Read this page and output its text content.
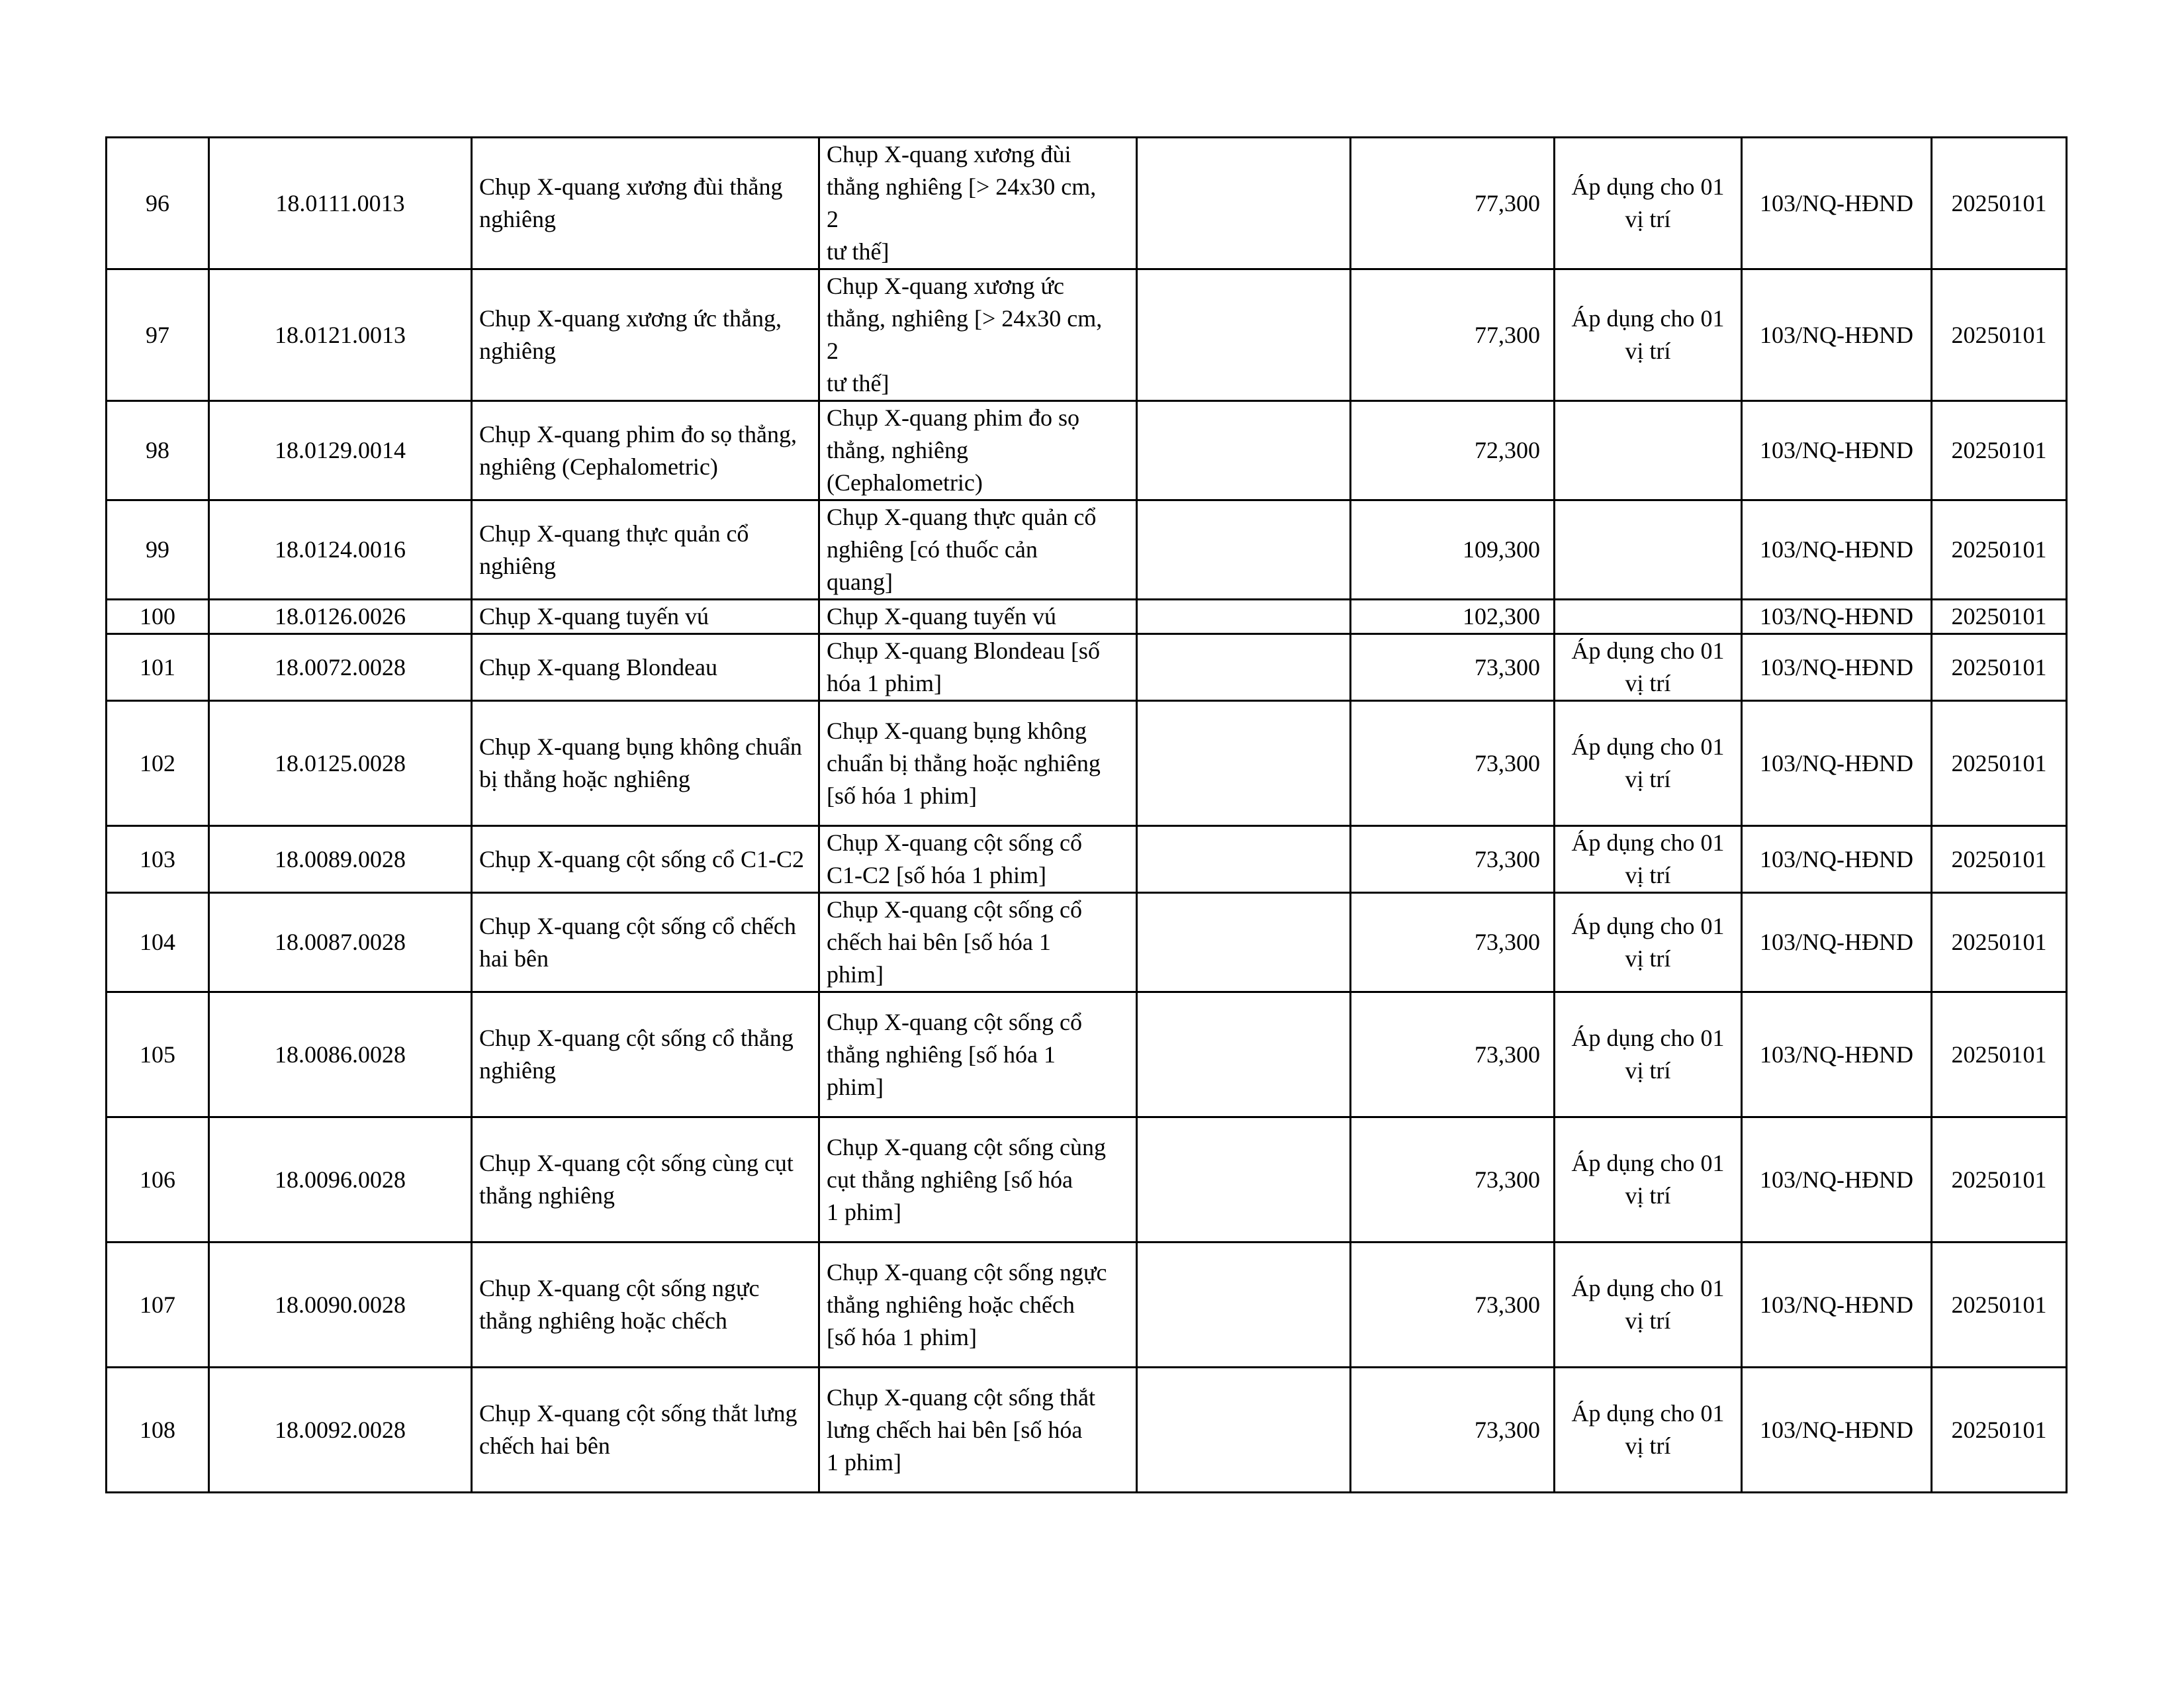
96	18.0111.0013	Chụp X-quang xương đùi thẳng nghiêng	Chụp X-quang xương đùi
thẳng nghiêng [> 24x30 cm,
2
tư thế]		77,300	Áp dụng cho 01 vị trí	103/NQ-HĐND	20250101
97	18.0121.0013	Chụp X-quang xương ức thẳng, nghiêng	Chụp X-quang xương ức
thẳng, nghiêng [> 24x30 cm,
2
tư thế]		77,300	Áp dụng cho 01 vị trí	103/NQ-HĐND	20250101
98	18.0129.0014	Chụp X-quang phim đo sọ thẳng, nghiêng (Cephalometric)	Chụp X-quang phim đo sọ
thẳng, nghiêng
(Cephalometric)		72,300		103/NQ-HĐND	20250101
99	18.0124.0016	Chụp X-quang thực quản cổ nghiêng	Chụp X-quang thực quản cổ
nghiêng [có thuốc cản
quang]		109,300		103/NQ-HĐND	20250101
100	18.0126.0026	Chụp X-quang tuyến vú	Chụp X-quang tuyến vú		102,300		103/NQ-HĐND	20250101
101	18.0072.0028	Chụp X-quang Blondeau	Chụp X-quang Blondeau [số
hóa 1 phim]		73,300	Áp dụng cho 01 vị trí	103/NQ-HĐND	20250101
102	18.0125.0028	Chụp X-quang bụng không chuẩn bị thẳng hoặc nghiêng	Chụp X-quang bụng không
chuẩn bị thẳng hoặc nghiêng
[số hóa 1 phim]		73,300	Áp dụng cho 01 vị trí	103/NQ-HĐND	20250101
103	18.0089.0028	Chụp X-quang cột sống cổ C1-C2	Chụp X-quang cột sống cổ
C1-C2 [số hóa 1 phim]		73,300	Áp dụng cho 01 vị trí	103/NQ-HĐND	20250101
104	18.0087.0028	Chụp X-quang cột sống cổ chếch hai bên	Chụp X-quang cột sống cổ
chếch hai bên [số hóa 1
phim]		73,300	Áp dụng cho 01 vị trí	103/NQ-HĐND	20250101
105	18.0086.0028	Chụp X-quang cột sống cổ thẳng nghiêng	Chụp X-quang cột sống cổ
thẳng nghiêng [số hóa 1
phim]		73,300	Áp dụng cho 01 vị trí	103/NQ-HĐND	20250101
106	18.0096.0028	Chụp X-quang cột sống cùng cụt thẳng nghiêng	Chụp X-quang cột sống cùng
cụt thẳng nghiêng [số hóa
1 phim]		73,300	Áp dụng cho 01 vị trí	103/NQ-HĐND	20250101
107	18.0090.0028	Chụp X-quang cột sống ngực thẳng nghiêng hoặc chếch	Chụp X-quang cột sống ngực
thẳng nghiêng hoặc chếch
[số hóa 1 phim]		73,300	Áp dụng cho 01 vị trí	103/NQ-HĐND	20250101
108	18.0092.0028	Chụp X-quang cột sống thắt lưng chếch hai bên	Chụp X-quang cột sống thắt
lưng chếch hai bên [số hóa
1 phim]		73,300	Áp dụng cho 01 vị trí	103/NQ-HĐND	20250101
